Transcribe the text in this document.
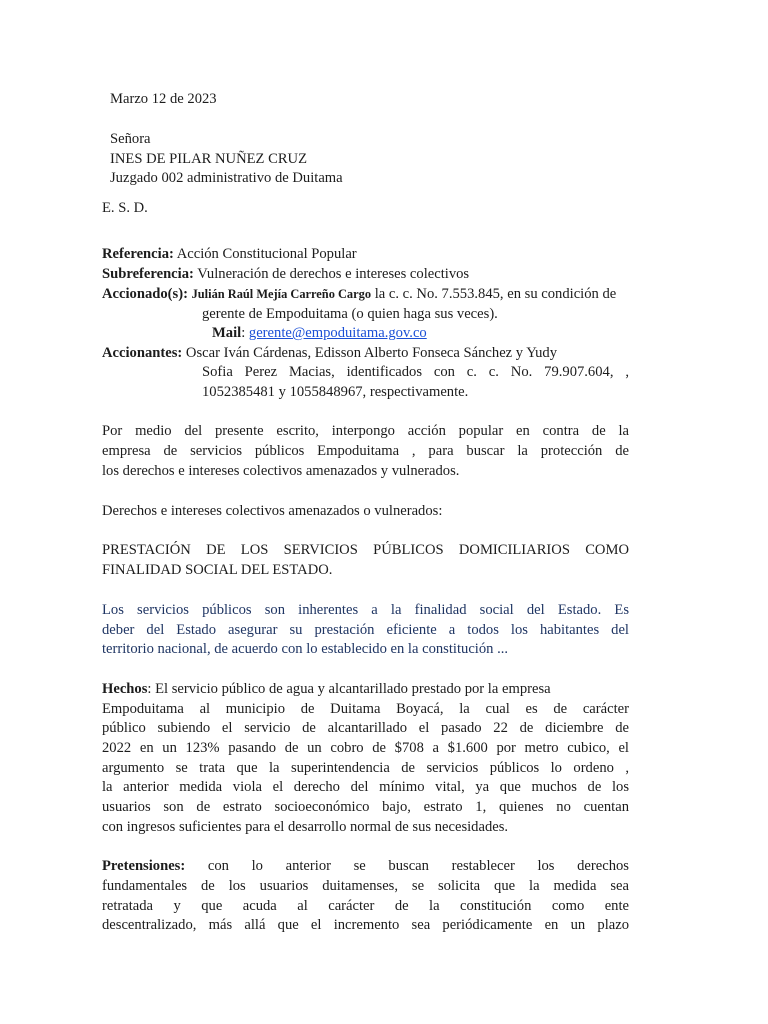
Marzo 12 de 2023
Señora
INES DE PILAR NUÑEZ CRUZ
Juzgado 002 administrativo de Duitama
E. S. D.
Referencia: Acción Constitucional Popular
Subreferencia: Vulneración de derechos e intereses colectivos
Accionado(s): Julián Raúl Mejía Carreño Cargo la c. c. No. 7.553.845, en su condición de
gerente de Empoduitama (o quien haga sus veces).
Mail: gerente@empoduitama.gov.co
Accionantes: Oscar Iván Cárdenas, Edisson Alberto Fonseca Sánchez y Yudy
Sofia Perez Macias, identificados con c. c. No. 79.907.604, ,
1052385481 y 1055848967, respectivamente.
Por medio del presente escrito, interpongo acción popular en contra de la
empresa de servicios públicos Empoduitama , para buscar la protección de
los derechos e intereses colectivos amenazados y vulnerados.
Derechos e intereses colectivos amenazados o vulnerados:
PRESTACIÓN DE LOS SERVICIOS PÚBLICOS DOMICILIARIOS COMO
FINALIDAD SOCIAL DEL ESTADO.
Los servicios públicos son inherentes a la finalidad social del Estado. Es
deber del Estado asegurar su prestación eficiente a todos los habitantes del
territorio nacional, de acuerdo con lo establecido en la constitución ...
Hechos: El servicio público de agua y alcantarillado prestado por la empresa
Empoduitama al municipio de Duitama Boyacá, la cual es de carácter
público subiendo el servicio de alcantarillado el pasado 22 de diciembre de
2022 en un 123% pasando de un cobro de $708 a $1.600 por metro cubico, el
argumento se trata que la superintendencia de servicios públicos lo ordeno ,
la anterior medida viola el derecho del mínimo vital, ya que muchos de los
usuarios son de estrato socioeconómico bajo, estrato 1, quienes no cuentan
con ingresos suficientes para el desarrollo normal de sus necesidades.
Pretensiones: con lo anterior se buscan restablecer los derechos
fundamentales de los usuarios duitamenses, se solicita que la medida sea
retratada y que acuda al carácter de la constitución como ente
descentralizado, más allá que el incremento sea periódicamente en un plazo
